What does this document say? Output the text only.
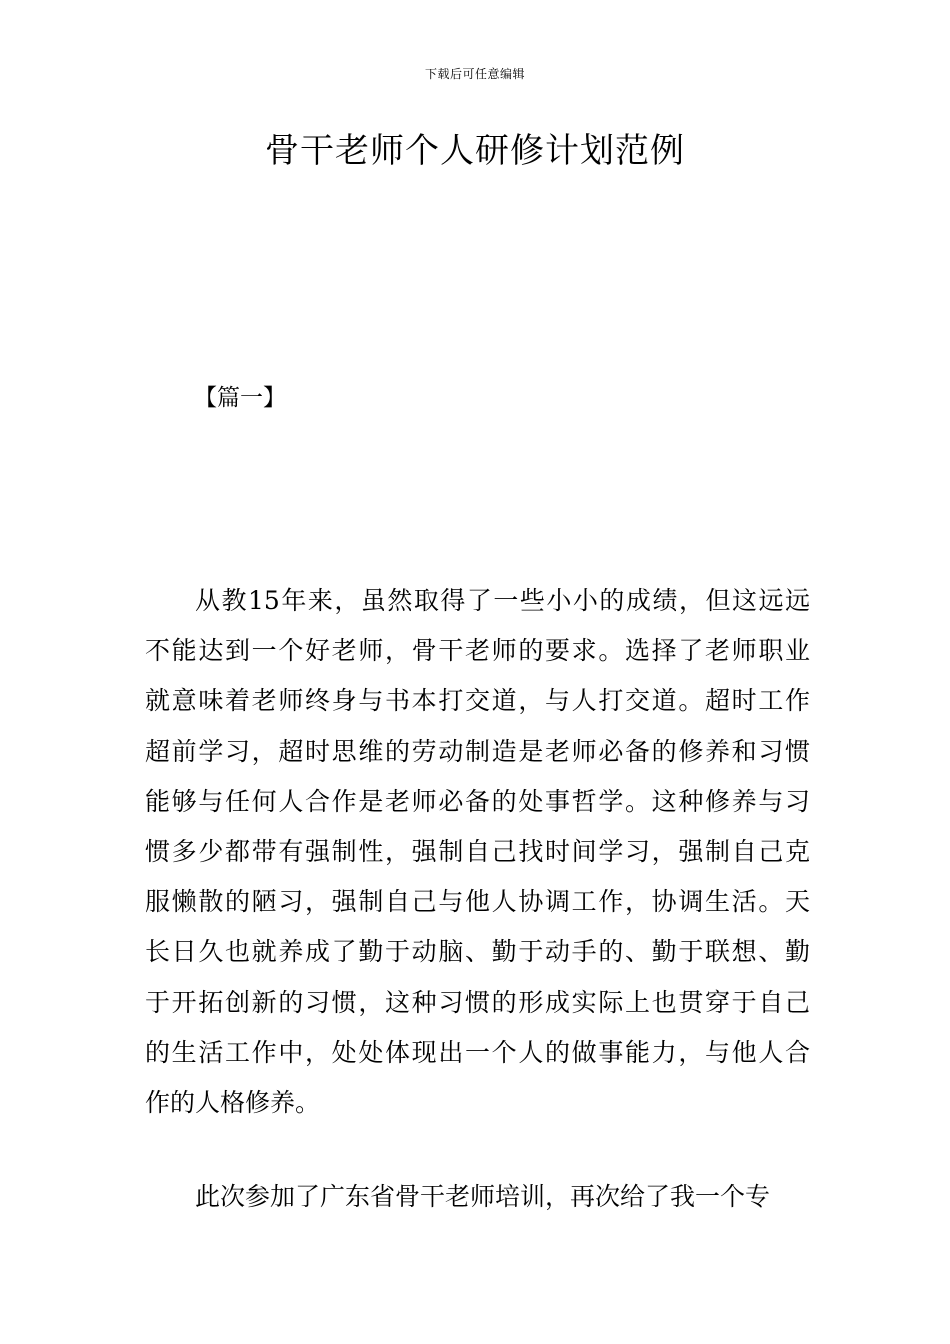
下载后可任意编辑
骨干老师个人研修计划范例
【篇一】
从教15年来，虽然取得了一些小小的成绩，但这远远
不能达到一个好老师，骨干老师的要求。选择了老师职业
就意味着老师终身与书本打交道，与人打交道。超时工作
超前学习，超时思维的劳动制造是老师必备的修养和习惯
能够与任何人合作是老师必备的处事哲学。这种修养与习
惯多少都带有强制性，强制自己找时间学习，强制自己克
服懒散的陋习，强制自己与他人协调工作，协调生活。天
长日久也就养成了勤于动脑、勤于动手的、勤于联想、勤
于开拓创新的习惯，这种习惯的形成实际上也贯穿于自己
的生活工作中，处处体现出一个人的做事能力，与他人合
作的人格修养。
此次参加了广东省骨干老师培训，再次给了我一个专
